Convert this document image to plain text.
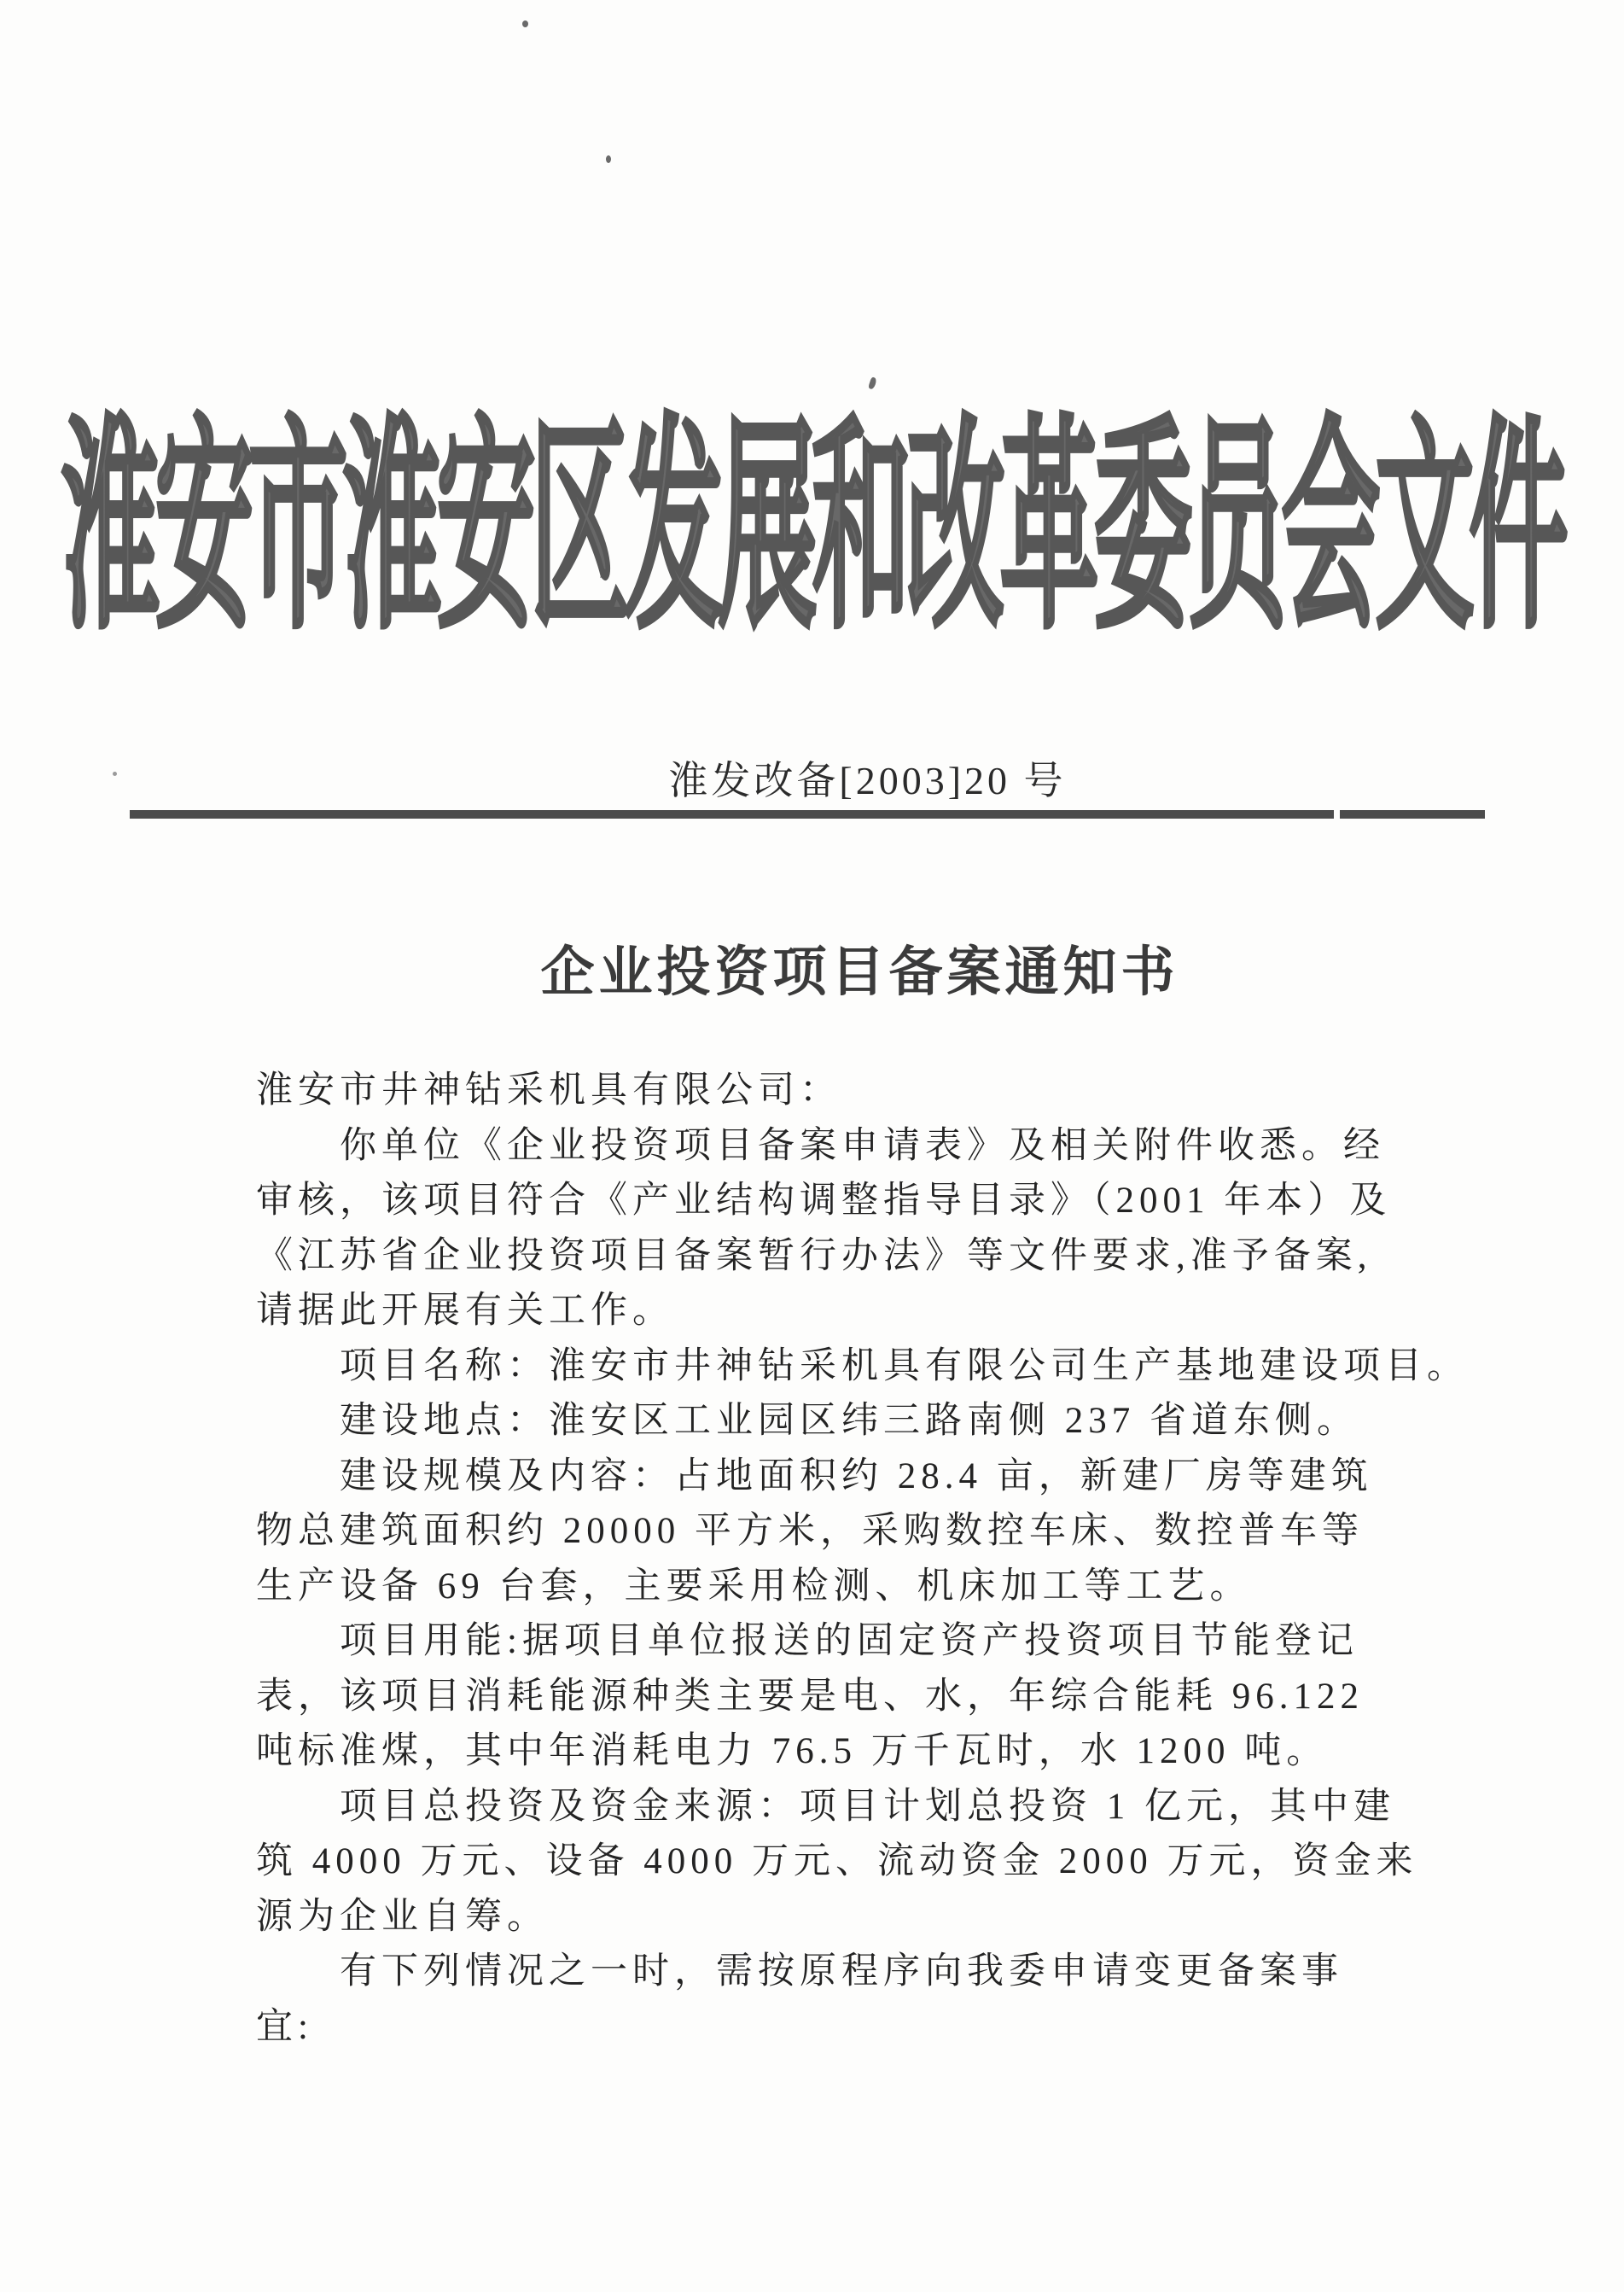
淮安市淮安区发展和改革委员会文件
淮发改备[2003]20 号
企业投资项目备案通知书
淮安市井神钻采机具有限公司：
你单位《企业投资项目备案申请表》及相关附件收悉。经
审核，该项目符合《产业结构调整指导目录》（2001 年本）及
《江苏省企业投资项目备案暂行办法》等文件要求,准予备案,
请据此开展有关工作。
项目名称：淮安市井神钻采机具有限公司生产基地建设项目。
建设地点：淮安区工业园区纬三路南侧 237 省道东侧。
建设规模及内容：占地面积约 28.4 亩，新建厂房等建筑
物总建筑面积约 20000 平方米，采购数控车床、数控普车等
生产设备 69 台套，主要采用检测、机床加工等工艺。
项目用能:据项目单位报送的固定资产投资项目节能登记
表，该项目消耗能源种类主要是电、水，年综合能耗 96.122
吨标准煤，其中年消耗电力 76.5 万千瓦时，水 1200 吨。
项目总投资及资金来源：项目计划总投资 1 亿元，其中建
筑 4000 万元、设备 4000 万元、流动资金 2000 万元，资金来
源为企业自筹。
有下列情况之一时，需按原程序向我委申请变更备案事
宜:
